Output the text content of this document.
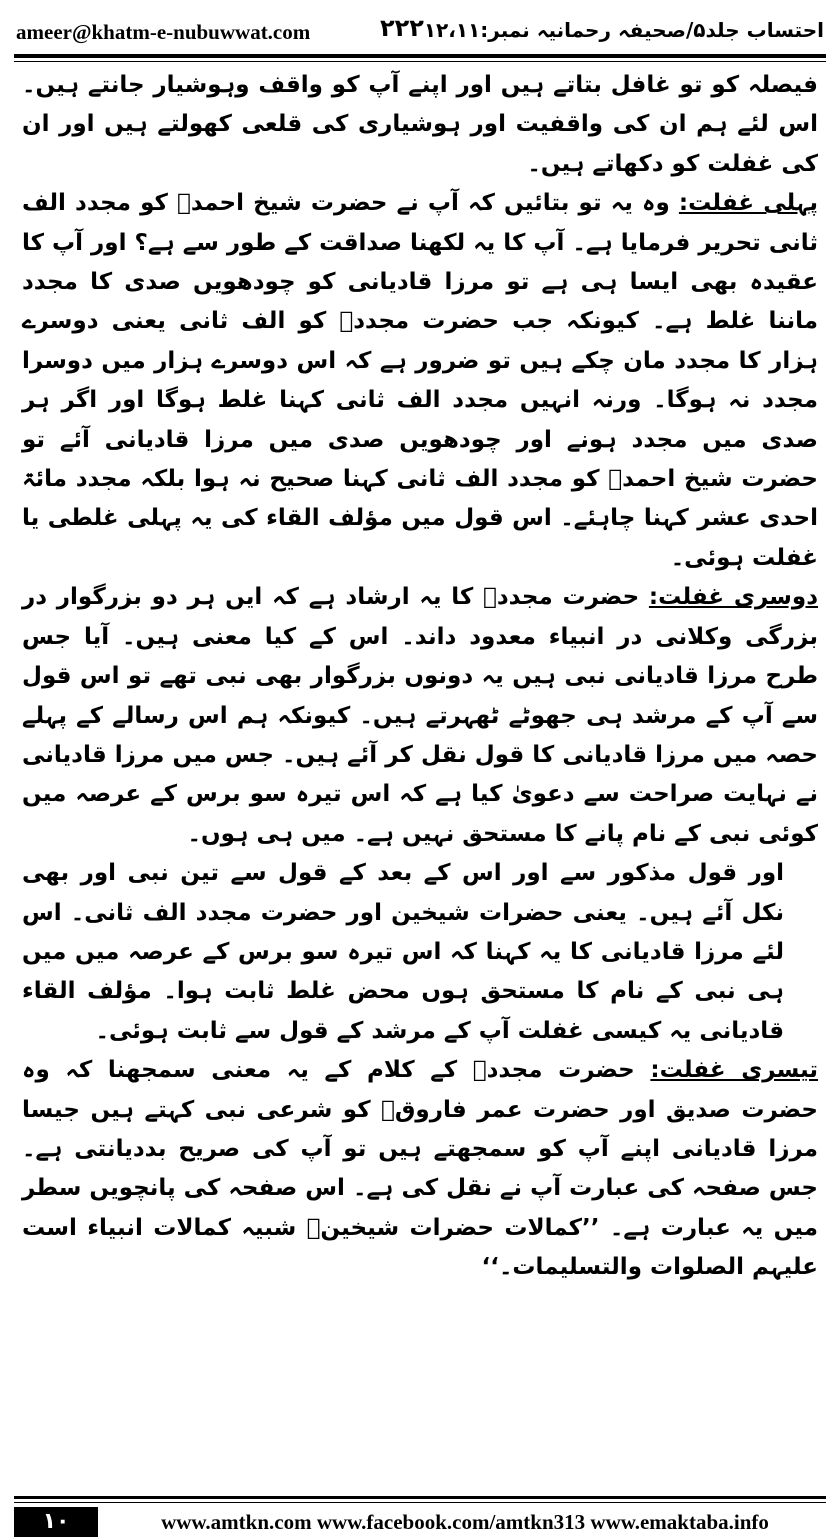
ameer@khatm-e-nubuwwat.com	۲۲۲ احتساب جلد۵/صحیفہ رحمانیہ نمبر:۱۲،۱۱

فیصلہ کو تو غافل بتاتے ہیں اور اپنے آپ کو واقف وہوشیار جانتے ہیں۔ اس لئے ہم ان کی واقفیت اور ہوشیاری کی قلعی کھولتے ہیں اور ان کی غفلت کو دکھاتے ہیں۔

پہلی غفلت: وہ یہ تو بتائیں کہ آپ نے حضرت شیخ احمدؒ کو مجدد الف ثانی تحریر فرمایا ہے۔ آپ کا یہ لکھنا صداقت کے طور سے ہے؟ اور آپ کا عقیدہ بھی ایسا ہی ہے تو مرزا قادیانی کو چودھویں صدی کا مجدد ماننا غلط ہے۔ کیونکہ جب حضرت مجددؒ کو الف ثانی یعنی دوسرے ہزار کا مجدد مان چکے ہیں تو ضرور ہے کہ اس دوسرے ہزار میں دوسرا مجدد نہ ہوگا۔ ورنہ انہیں مجدد الف ثانی کہنا غلط ہوگا اور اگر ہر صدی میں مجدد ہونے اور چودھویں صدی میں مرزا قادیانی آئے تو حضرت شیخ احمدؒ کو مجدد الف ثانی کہنا صحیح نہ ہوا بلکہ مجدد مائۃ احدی عشر کہنا چاہئے۔ اس قول میں مؤلف القاء کی یہ پہلی غلطی یا غفلت ہوئی۔

دوسری غفلت: حضرت مجددؒ کا یہ ارشاد ہے کہ ایں ہر دو بزرگوار در بزرگی وکلانی در انبیاء معدود داند۔ اس کے کیا معنی ہیں۔ آیا جس طرح مرزا قادیانی نبی ہیں یہ دونوں بزرگوار بھی نبی تھے تو اس قول سے آپ کے مرشد ہی جھوٹے ٹھہرتے ہیں۔ کیونکہ ہم اس رسالے کے پہلے حصہ میں مرزا قادیانی کا قول نقل کر آئے ہیں۔ جس میں مرزا قادیانی نے نہایت صراحت سے دعویٰ کیا ہے کہ اس تیرہ سو برس کے عرصہ میں کوئی نبی کے نام پانے کا مستحق نہیں ہے۔ میں ہی ہوں۔

اور قول مذکور سے اور اس کے بعد کے قول سے تین نبی اور بھی نکل آئے ہیں۔ یعنی حضرات شیخین اور حضرت مجدد الف ثانی۔ اس لئے مرزا قادیانی کا یہ کہنا کہ اس تیرہ سو برس کے عرصہ میں میں ہی نبی کے نام کا مستحق ہوں محض غلط ثابت ہوا۔ مؤلف القاء قادیانی یہ کیسی غفلت آپ کے مرشد کے قول سے ثابت ہوئی۔

تیسری غفلت: حضرت مجددؒ کے کلام کے یہ معنی سمجھنا کہ وہ حضرت صدیق اور حضرت عمر فاروقؓ کو شرعی نبی کہتے ہیں جیسا مرزا قادیانی اپنے آپ کو سمجھتے ہیں تو آپ کی صریح بددیانتی ہے۔ جس صفحہ کی عبارت آپ نے نقل کی ہے۔ اس صفحہ کی پانچویں سطر میں یہ عبارت ہے۔ ’’کمالات حضرات شیخینؓ شبیہ کمالات انبیاء است علیہم الصلوات والتسلیمات۔‘‘

۱۰	www.amtkn.com www.facebook.com/amtkn313 www.emaktaba.info
